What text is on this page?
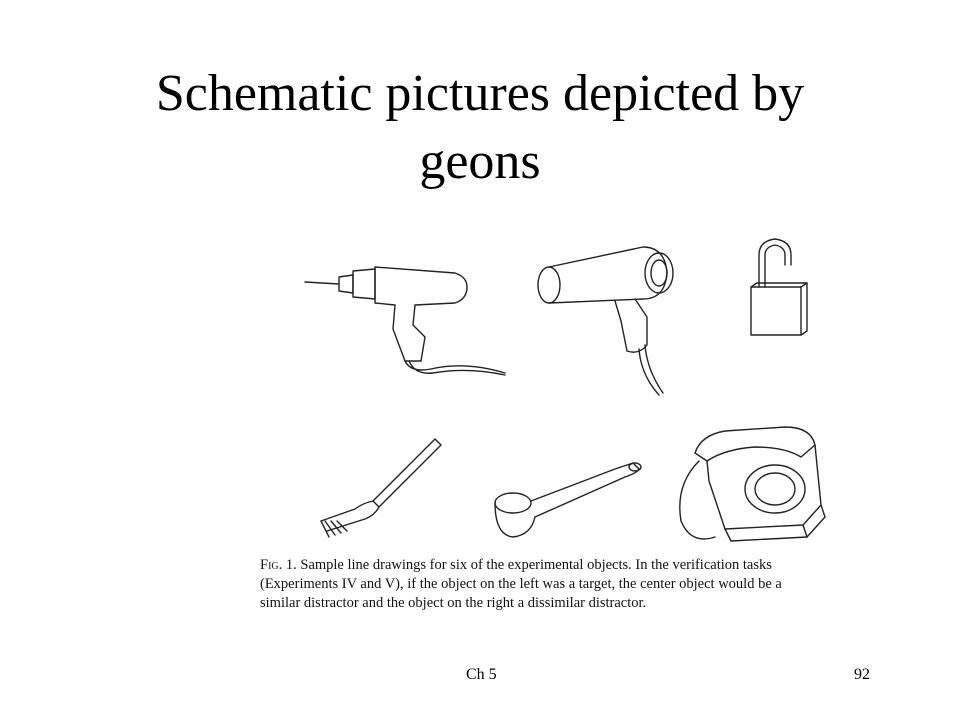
Schematic pictures depicted by
geons
Fig. 1. Sample line drawings for six of the experimental objects. In the verification tasks
(Experiments IV and V), if the object on the left was a target, the center object would be a
similar distractor and the object on the right a dissimilar distractor.
Ch 5	92
